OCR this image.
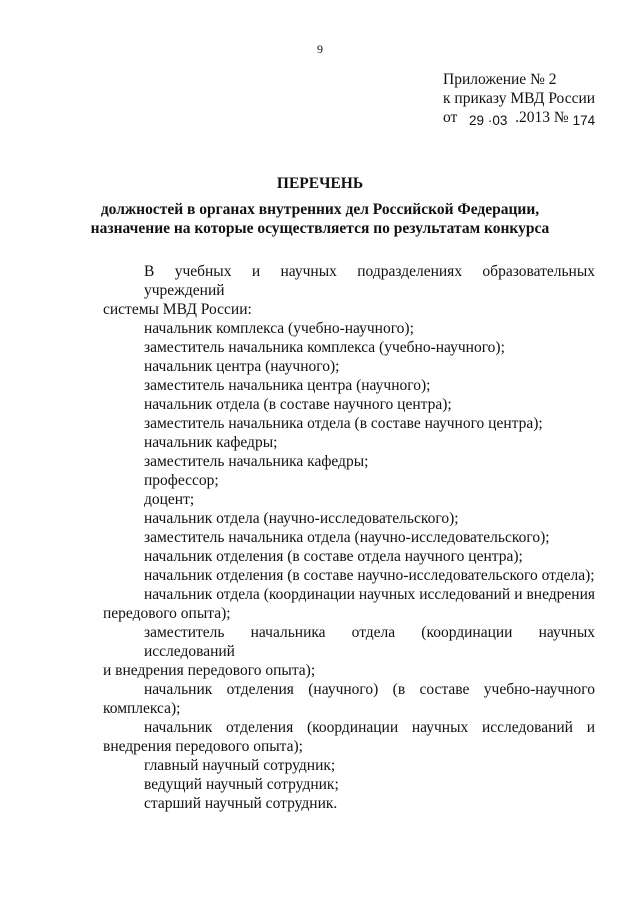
9
Приложение № 2
к приказу МВД России
от 29 ·03 .2013 № 174
ПЕРЕЧЕНЬ
должностей в органах внутренних дел Российской Федерации,
назначение на которые осуществляется по результатам конкурса
В учебных и научных подразделениях образовательных учреждений
системы МВД России:
начальник комплекса (учебно-научного);
заместитель начальника комплекса (учебно-научного);
начальник центра (научного);
заместитель начальника центра (научного);
начальник отдела (в составе научного центра);
заместитель начальника отдела (в составе научного центра);
начальник кафедры;
заместитель начальника кафедры;
профессор;
доцент;
начальник отдела (научно-исследовательского);
заместитель начальника отдела (научно-исследовательского);
начальник отделения (в составе отдела научного центра);
начальник отделения (в составе научно-исследовательского отдела);
начальник отдела (координации научных исследований и внедрения
передового опыта);
заместитель начальника отдела (координации научных исследований
и внедрения передового опыта);
начальник отделения (научного) (в составе учебно-научного
комплекса);
начальник отделения (координации научных исследований и
внедрения передового опыта);
главный научный сотрудник;
ведущий научный сотрудник;
старший научный сотрудник.
